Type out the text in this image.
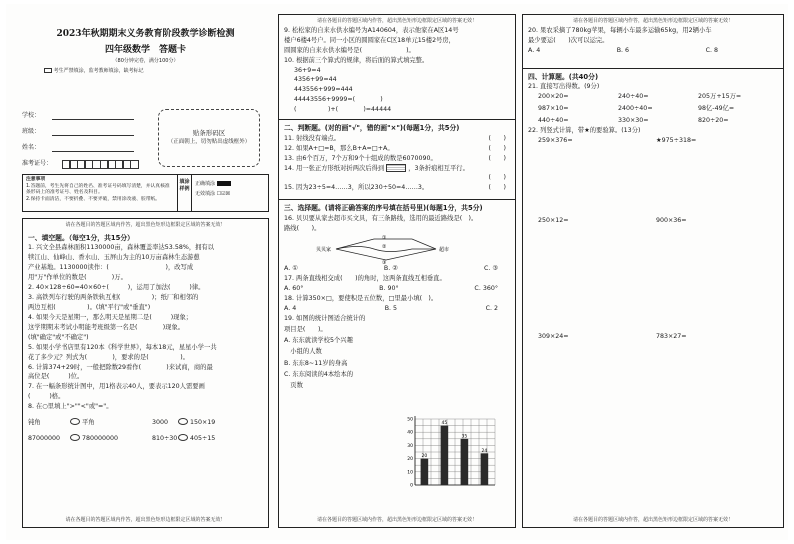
2023年秋期期末义务教育阶段教学诊断检测
四年级数学　答题卡
（80分钟完卷，满分100分）
考生严禁填涂，监考教师填涂，缺考标记
学校：
班级：
姓名：
准考证号：
贴条形码区
（正面朝上，切勿贴出虚线框外）
注意事项
1.答题前，考生先将自己的姓名、准考证号码填写清楚，并认真核准条形码上的准考证号、姓名及科目。
2.保持卡面清洁，不要折叠、不要弄破，禁用涂改液、胶带纸。
填涂样例
正确填涂
无效填涂 ☐☑☒
请在各题目的答题区域内作答，超出黑色矩形边框限定区域的答案无效！
一、填空题。（每空1分，共15分）
1. 兴文全县森林面积1130000亩，森林覆盖率达53.58%，拥有以
犊江山、仙峰山、香水山、玉屏山为主的10万亩森林生态游憩
产业基地。1130000读作：(　　　　　　　　　)，改写成
用"万"作单位的数是(　　　　)万。
2. 40×128÷60=40×60÷(　　　)，运用了加法(　　　)律。
3. 高铁列车行驶的两条铁轨互相(　　　　　)；纸厂和相邻的
两边互相(　　　　　)。(填"平行"或"垂直")
4. 如果今天是星期一，那么明天是星期二是(　　　)现象；
这学期期末考试小明能考班级第一名是(　　　　)现象。
(填"确定"或"不确定")
5. 如果小学书店里有120本《科学世界》，每本18元，星星小学一共
花了多少元？列式为(　　　　)，要求的是(　　　　　)。
6. 计算374+29时，一般把除数29看作(　　　　)来试商，商的最
高位是(　　　)位。
7. 在一幅条形统计图中，用1格表示40人，要表示120人需要画
(　　　)格。
8. 在○里填上">""<"或"="。
钝角	平角	3000	150×19
87000000	780000000	810÷30 405÷15
请在各题目的答题区域内作答，超出黑色矩形边框限定区域的答案无效！
请在各题目的答题区域内作答，超出黑色矩形边框限定区域的答案无效！
9. 松松家的自来水供水编号为A140604，表示他家在A区14号
楼户6楼4号户。同一小区的圆圆家在C区18单元15楼2号房，
圆圆家的自来水供水编号是(　　　　　　　)。
10. 根据前三个算式的规律，将后面的算式填完整。
36+9=4
4356+99=44
443556+999=444
44443556+9999=(　　　　)
(　　　　　)+(　　　　)=44444
二、判断题。(对的画"√"，错的画"×")(每题1分，共5分)
11. 射线没有端点。	(　　)
12. 如果A+□=B，那么B+A=□+A。	(　　)
13. 由6个百万，7个万和9个十组成的数是6070090。	(　　)
14. 用一张正方形纸对折两次后得到	，3条折痕相互平行。
(　　)

15. 因为23÷5=4……3，所以230÷50=4……3。	(　　)
三、选择题。(请将正确答案的序号填在括号里)(每题1分，共5分)
16. 贝贝要从家去超市买文具，有三条路线，选用的最近路线是(　)。
路线(　　)。
贝贝家	超市
①
②
③
A. ①	B. ②	C. ③
17. 两条直线相交成(　　)的角时，这两条直线互相垂直。
A. 60°	B. 90°	C. 360°
18. 计算350×□，要使积是五位数，□里最小填(　)。
A. 4	B. 5	C. 2
19. 如图的统计图适合统计的
项目是(　　)。
A. 东东就读学校5个兴趣
　小组的人数
B. 东东8~11岁的身高
C. 东东阅读的4本绘本的
　页数
0
10
20
30
40
50
20
45
35
24
请在各题目的答题区域内作答，超出黑色矩形边框限定区域的答案无效！
请在各题目的答题区域内作答，超出黑色矩形边框限定区域的答案无效！
20. 果农采摘了780kg苹果，每辆小车最多运输65kg，用2辆小车
最少要运(　　)次可以运完。
A. 4	B. 6	C. 8
四、计算题。(共40分)
21. 直接写出得数。(9分)
200×20=	240÷40=	205万+15万=
987×10=	2400÷40=	98亿-49亿=
440÷40=	330×30=	820÷20=
22. 列竖式计算，带★的要验算。(13分)
259×376=	★975÷318=
250×12=	900×36=
309×24=	783×27=
请在各题目的答题区域内作答，超出黑色矩形边框限定区域的答案无效！
